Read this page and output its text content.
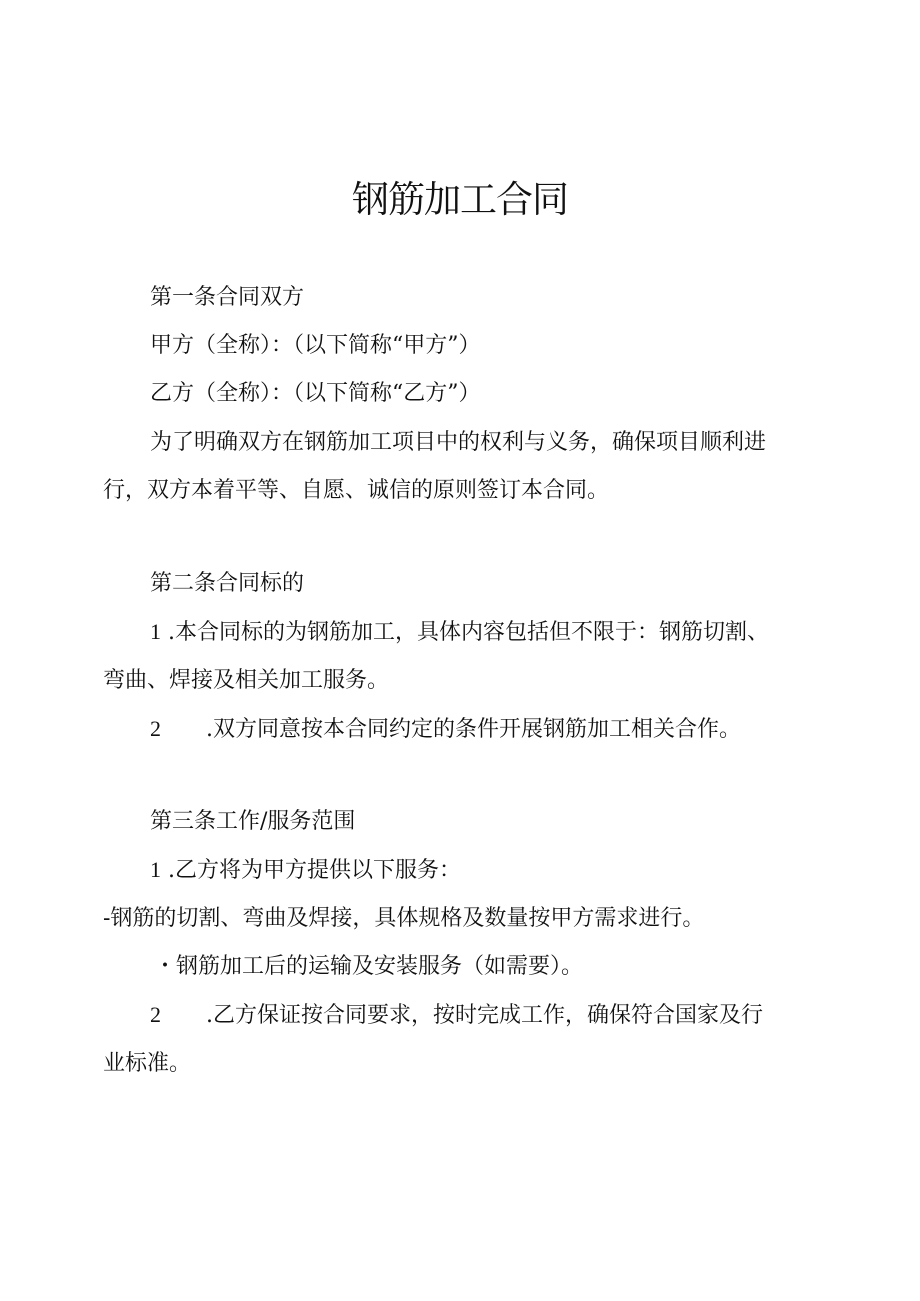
钢筋加工合同

第一条合同双方

甲方（全称）：（以下简称“甲方”）

乙方（全称）：（以下简称“乙方”）

为了明确双方在钢筋加工项目中的权利与义务，确保项目顺利进

行，双方本着平等、自愿、诚信的原则签订本合同。

第二条合同标的

1 .本合同标的为钢筋加工，具体内容包括但不限于：钢筋切割、

弯曲、焊接及相关加工服务。

2 .双方同意按本合同约定的条件开展钢筋加工相关合作。

第三条工作/服务范围

1 .乙方将为甲方提供以下服务：

-钢筋的切割、弯曲及焊接，具体规格及数量按甲方需求进行。

・钢筋加工后的运输及安装服务（如需要）。

2 .乙方保证按合同要求，按时完成工作，确保符合国家及行

业标准。
